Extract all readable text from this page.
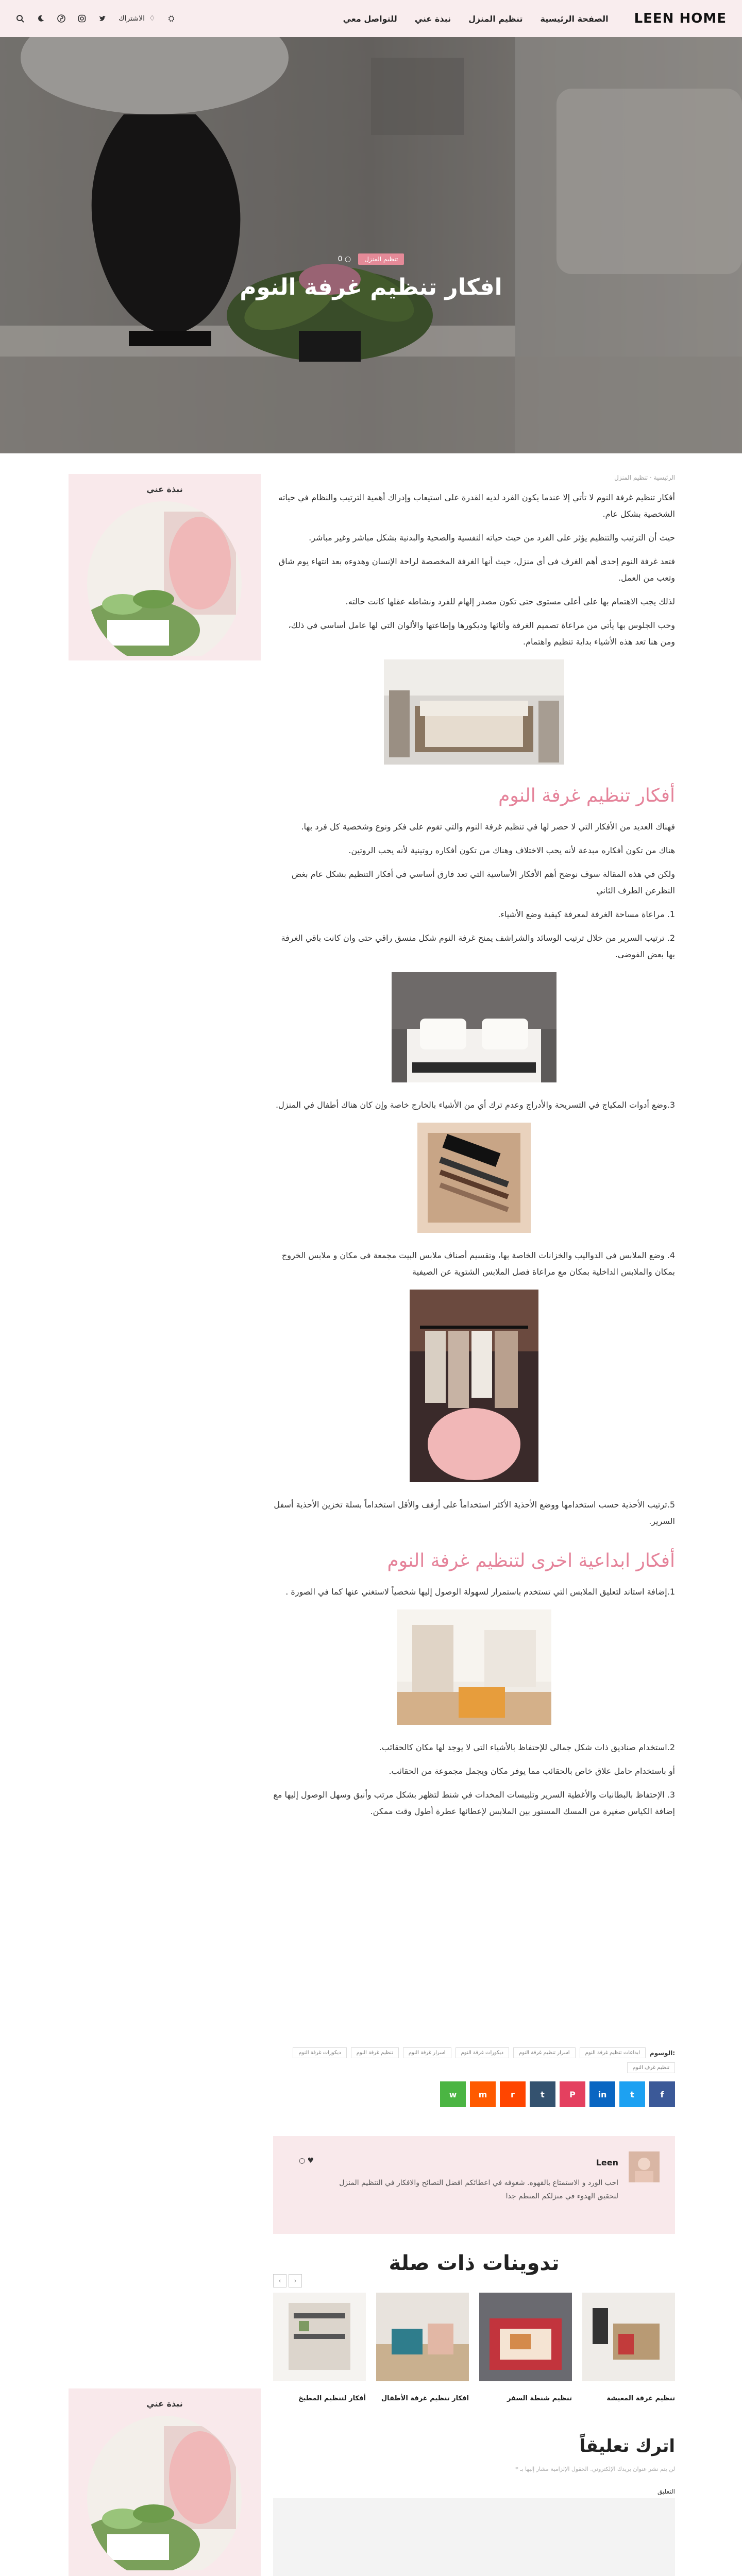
الاشتراك ♢ ⛭	الصفحة الرئيسية
تنظيم المنزل
نبذة عني
للتواصل معي	LEEN HOME
تنظيم المنزل
○ 0
افكار تنظيم غرفة النوم
نبذة عني
الرئيسية · تنظيم المنزل

أفكار تنظيم غرفة النوم لا تأتي إلا عندما يكون الفرد لديه القدرة على استيعاب وإدراك أهمية الترتيب والنظام في حياته الشخصية بشكل عام.

حيث أن الترتيب والتنظيم يؤثر على الفرد من حيث حياته النفسية والصحية والبدنية بشكل مباشر وغير مباشر.

فتعد غرفة النوم إحدى أهم الغرف في أي منزل، حيث أنها الغرفة المخصصة لراحة الإنسان وهدوءه بعد انتهاء يوم شاق وتعب من العمل.

لذلك يجب الاهتمام بها على أعلى مستوى حتى تكون مصدر إلهام للفرد ونشاطه عقلها كانت حالته.

وحب الجلوس بها يأتي من مراعاة تصميم الغرفة وأثاثها وديكورها وإطاعتها والألوان التي لها عامل أساسي في ذلك، ومن هنا تعد هذه الأشياء بداية تنظيم واهتمام.

أفكار تنظيم غرفة النوم

فهناك العديد من الأفكار التي لا حصر لها في تنظيم غرفة النوم والتي تقوم على فكر ونوع وشخصية كل فرد بها.

هناك من تكون أفكاره مبدعة لأنه يحب الاختلاف وهناك من تكون أفكاره روتينية لأنه يحب الروتين.

ولكن في هذه المقالة سوف نوضح أهم الأفكار الأساسية التي تعد فارق أساسي في أفكار التنظيم بشكل عام بغض النظرعن الطرف الثاني

1. مراعاة مساحة الغرفة لمعرفة كيفية وضع الأشياء.

2. ترتيب السرير من خلال ترتيب الوسائد والشراشف يمنح غرفة النوم شكل منسق راقي حتى وان كانت باقي الغرفة بها بعض الفوضى.

3.وضع أدوات المكياج في التسريحة والأدراج وعدم ترك أي من الأشياء بالخارج خاصة وإن كان هناك أطفال في المنزل.

4. وضع الملابس في الدواليب والخزانات الخاصة بها، وتقسيم أصناف ملابس البيت مجمعة في مكان و ملابس الخروج بمكان والملابس الداخلية بمكان مع مراعاة فصل الملابس الشتوية عن الصيفية

5.ترتيب الأحذية حسب استخدامها ووضع الأحذية الأكثر استخداماً على أرفف والأقل استخداماً بسلة تخزين الأحذية أسفل السرير.

أفكار ابداعية اخرى لتنظيم غرفة النوم

1.إضافة استاند لتعليق الملابس التي تستخدم باستمرار لسهولة الوصول إليها شخصياً لاستغني عنها كما في الصورة .

2.استخدام صناديق ذات شكل جمالي للإحتفاظ بالأشياء التي لا يوجد لها مكان كالحقائب.

أو باستخدام حامل علاق خاص بالحقائب مما يوفر مكان ويجمل مجموعة من الحقائب.

3. الإحتفاظ بالبطانيات والأغطية السرير وتلبيسات المخدات في شنط لتظهر بشكل مرتب وأنيق وسهل الوصول إليها مع إضافة الكياس صغيرة من المسك المستور بين الملابس لإعطائها عطرة أطول وقت ممكن.

الوسوم:
ابداعات تنظيم غرفة النوم
اسرار تنظيم غرفة النوم
ديكورات غرفة النوم
اسرار غرفة النوم
تنظيم غرفة النوم
ديكورات غرفة النوم
تنظيم غرف النوم
f
t
in
P
t
r
m
w
Leen
احب الورد و الاستمتاع بالقهوه. شغوفه في اعطائكم افضل النصائح والافكار في التنظيم المنزل لتحقيق الهدوء في منزلكم المنظم جدا
♥ ○
تدوينات ذات صلة
‹	›
تنظيم غرفة المعيشة
تنظيم شنطة السفر
افكار تنظيم غرفة الأطفال
أفكار لتنظيم المطبخ
نبذة عني
اترك تعليقاً
لن يتم نشر عنوان بريدك الإلكتروني. الحقول الإلزامية مشار إليها بـ *
التعليق
